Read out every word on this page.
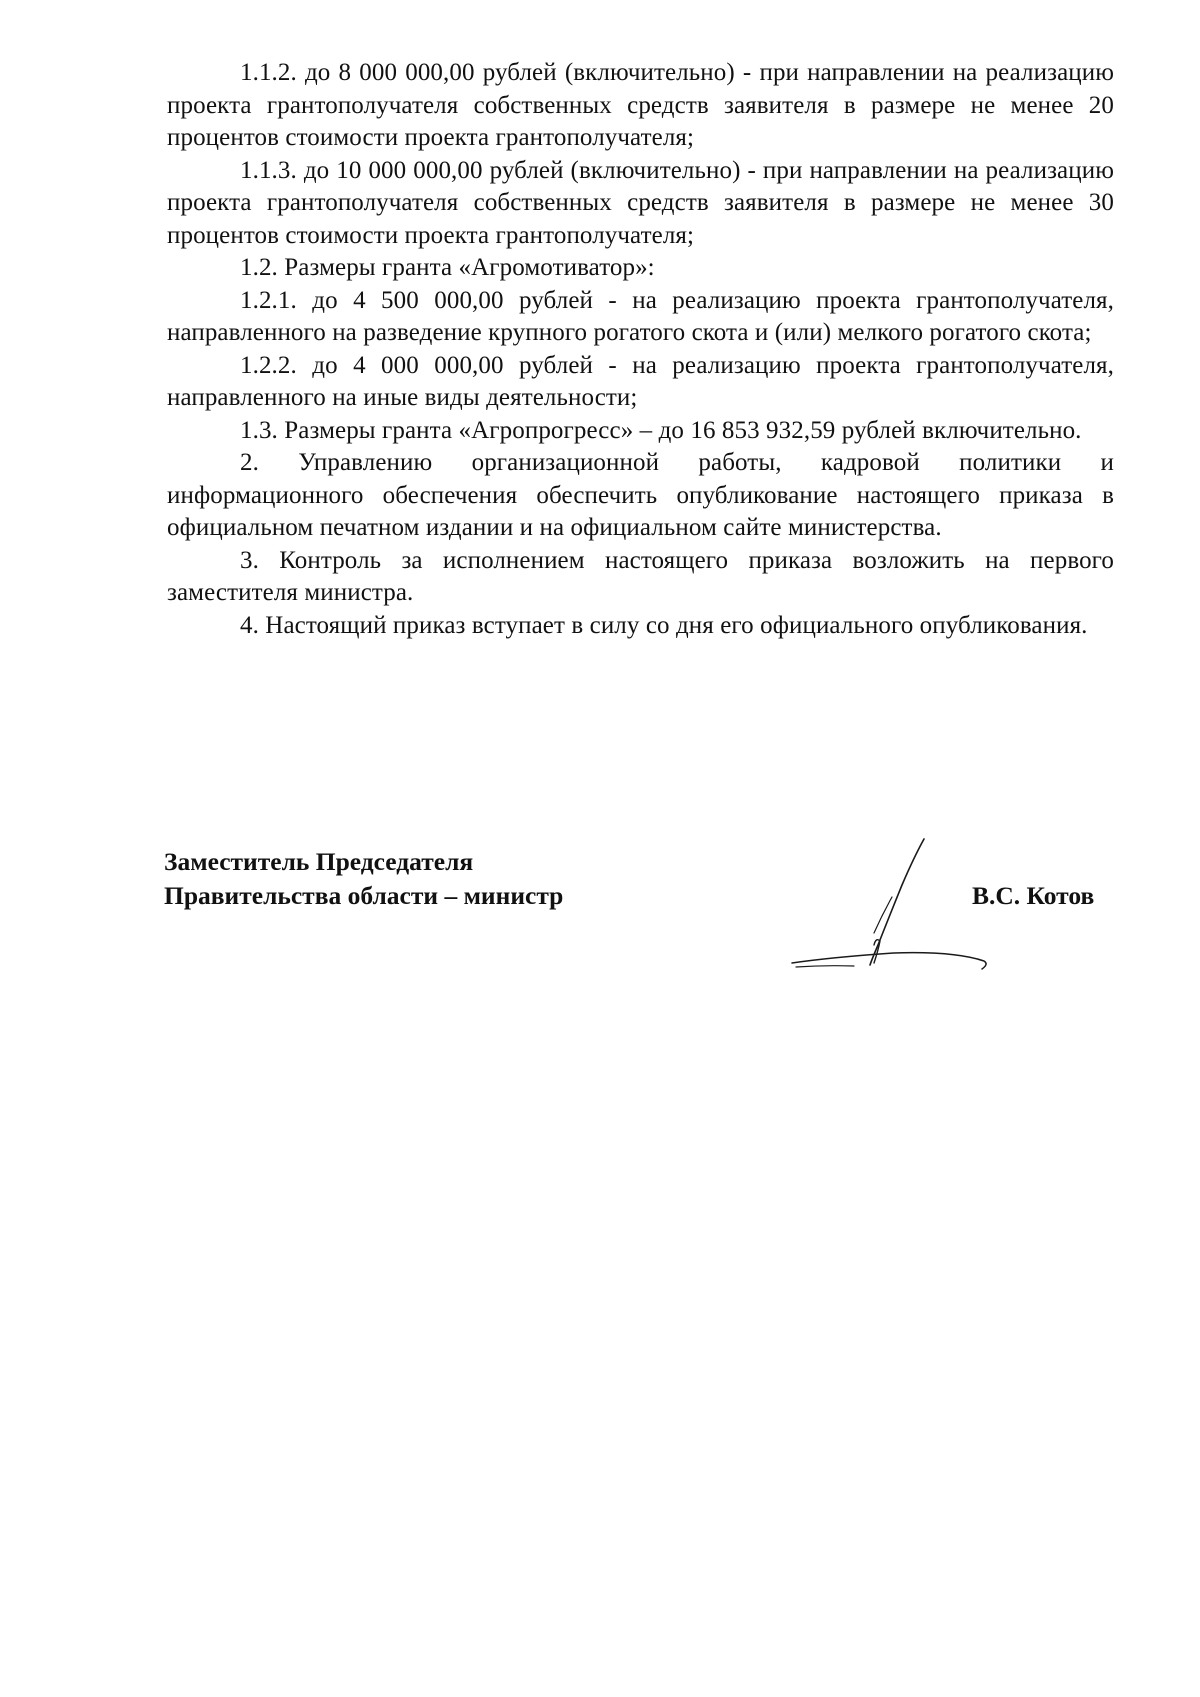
1.1.2. до 8 000 000,00 рублей (включительно) - при направлении на реализацию проекта грантополучателя собственных средств заявителя в размере не менее 20 процентов стоимости проекта грантополучателя;

1.1.3. до 10 000 000,00 рублей (включительно) - при направлении на реализацию проекта грантополучателя собственных средств заявителя в размере не менее 30 процентов стоимости проекта грантополучателя;

1.2. Размеры гранта «Агромотиватор»:

1.2.1. до 4 500 000,00 рублей - на реализацию проекта грантополучателя, направленного на разведение крупного рогатого скота и (или) мелкого рогатого скота;

1.2.2. до 4 000 000,00 рублей - на реализацию проекта грантополучателя, направленного на иные виды деятельности;

1.3. Размеры гранта «Агропрогресс» – до 16 853 932,59 рублей включительно.

2. Управлению организационной работы, кадровой политики и информационного обеспечения обеспечить опубликование настоящего приказа в официальном печатном издании и на официальном сайте министерства.

3. Контроль за исполнением настоящего приказа возложить на первого заместителя министра.

4. Настоящий приказ вступает в силу со дня его официального опубликования.

Заместитель Председателя

Правительства области – министр	В.С. Котов
